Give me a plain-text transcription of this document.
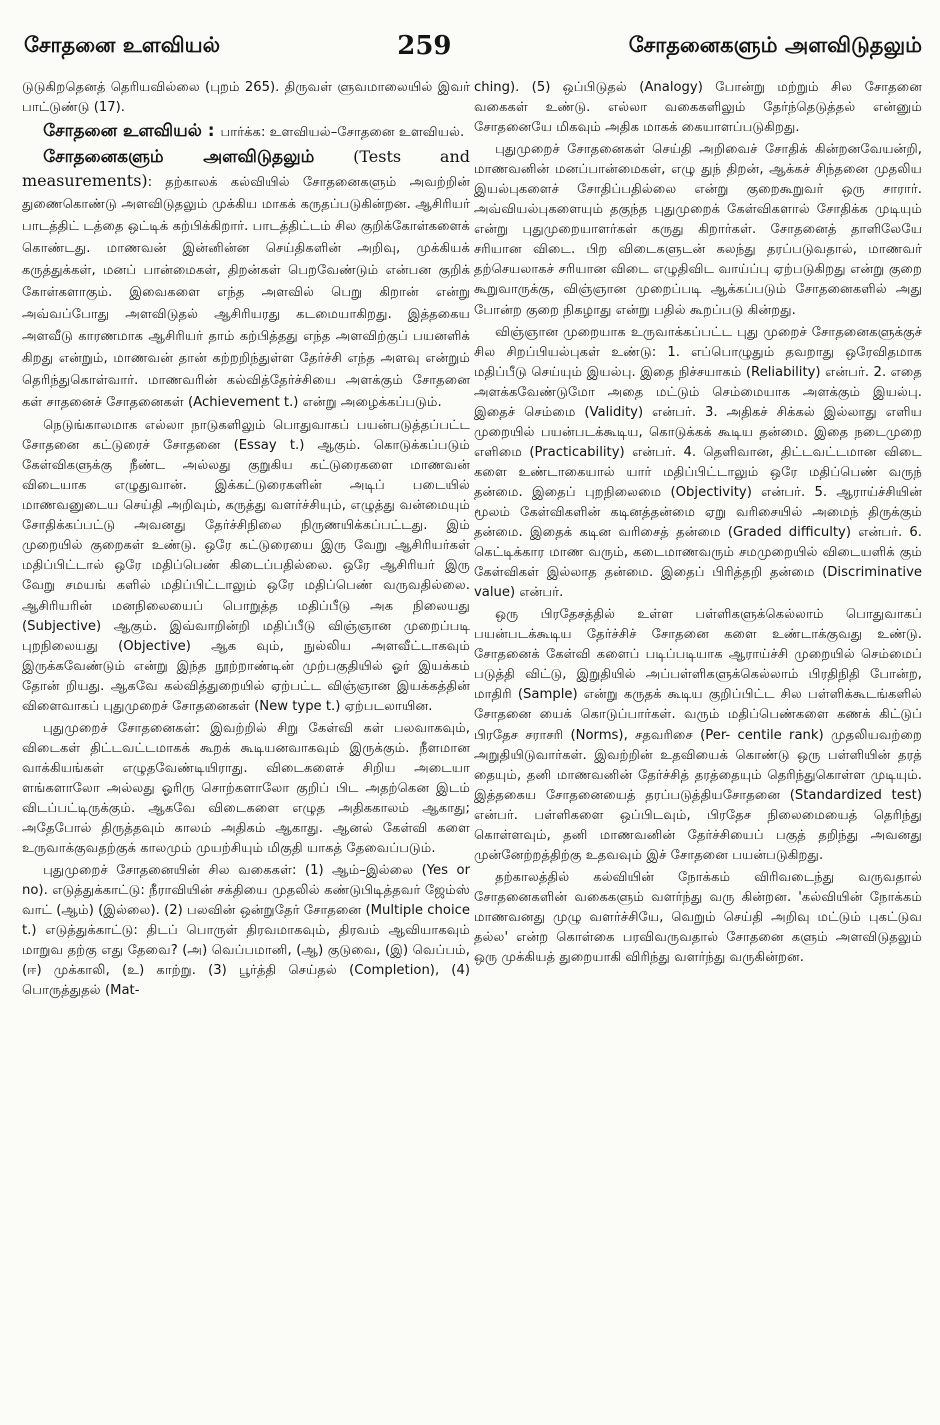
சோதனை உளவியல்	259	சோதனைகளும் அளவிடுதலும்

டுடுகிறதெனத் தெரியவில்லை (புறம் 265). திருவள் ளுவமாலையில் இவர் பாட்டுண்டு (17).

சோதனை உளவியல் : பார்க்க: உளவியல்–சோதனை உளவியல்.

சோதனைகளும் அளவிடுதலும் (Tests and measurements): தற்காலக் கல்வியில் சோதனைகளும் அவற்றின் துணைகொண்டு அளவிடுதலும் முக்கிய மாகக் கருதப்படுகின்றன. ஆசிரியர் பாடத்திட் டத்தை ஒட்டிக் கற்பிக்கிறார். பாடத்திட்டம் சில குறிக்கோள்களைக் கொண்டது. மாணவன் இன்னின்ன செய்திகளின் அறிவு, முக்கியக் கருத்துக்கள், மனப் பான்மைகள், திறன்கள் பெறவேண்டும் என்பன குறிக் கோள்களாகும். இவைகளை எந்த அளவில் பெறு கிறான் என்று அவ்வப்போது அளவிடுதல் ஆசிரியரது கடமையாகிறது. இத்தகைய அளவீடு காரணமாக ஆசிரியர் தாம் கற்பித்தது எந்த அளவிற்குப் பயனளிக் கிறது என்றும், மாணவன் தான் கற்றறிந்துள்ள தேர்ச்சி எந்த அளவு என்றும் தெரிந்துகொள்வார். மாணவரின் கல்வித்தேர்ச்சியை அளக்கும் சோதனை கள் சாதனைச் சோதனைகள் (Achievement t.) என்று அழைக்கப்படும்.

நெடுங்காலமாக எல்லா நாடுகளிலும் பொதுவாகப் பயன்படுத்தப்பட்ட சோதனை கட்டுரைச் சோதனை (Essay t.) ஆகும். கொடுக்கப்படும் கேள்விகளுக்கு நீண்ட அல்லது குறுகிய கட்டுரைகளை மாணவன் விடையாக எழுதுவான். இக்கட்டுரைகளின் அடிப் படையில் மாணவனுடைய செய்தி அறிவும், கருத்து வளர்ச்சியும், எழுத்து வன்மையும் சோதிக்கப்பட்டு அவனது தேர்ச்சிநிலை நிருணயிக்கப்பட்டது. இம் முறையில் குறைகள் உண்டு. ஒரே கட்டுரையை இரு வேறு ஆசிரியர்கள் மதிப்பிட்டால் ஒரே மதிப்பெண் கிடைப்பதில்லை. ஒரே ஆசிரியர் இரு வேறு சமயங் களில் மதிப்பிட்டாலும் ஒரே மதிப்பெண் வருவதில்லை. ஆசிரியரின் மனநிலையைப் பொறுத்த மதிப்பீடு அக நிலையது (Subjective) ஆகும். இவ்வாறின்றி மதிப்பீடு விஞ்ஞான முறைப்படி புறநிலையது (Objective) ஆக வும், நுல்லிய அளவீட்டாகவும் இருக்கவேண்டும் என்று இந்த நூற்றாண்டின் முற்பகுதியில் ஓர் இயக்கம் தோன் றியது. ஆகவே கல்வித்துறையில் ஏற்பட்ட விஞ்ஞான இயக்கத்தின் விளைவாகப் புதுமுறைச் சோதனைகள் (New type t.) ஏற்படலாயின.

புதுமுறைச் சோதனைகள்: இவற்றில் சிறு கேள்வி கள் பலவாகவும், விடைகள் திட்டவட்டமாகக் கூறக் கூடியனவாகவும் இருக்கும். நீளமான வாக்கியங்கள் எழுதவேண்டியிராது. விடைகளைச் சிறிய அடையா ளங்களாலோ அல்லது ஓரிரு சொற்களாலோ குறிப் பிட அதற்கென இடம் விடப்பட்டிருக்கும். ஆகவே விடைகளை எழுத அதிககாலம் ஆகாது; அதேபோல் திருத்தவும் காலம் அதிகம் ஆகாது. ஆனல் கேள்வி களை உருவாக்குவதற்குக் காலமும் முயற்சியும் மிகுதி யாகத் தேவைப்படும்.

புதுமுறைச் சோதனையின் சில வகைகள்: (1) ஆம்–இல்லை (Yes or no). எடுத்துக்காட்டு: நீராவியின் சக்தியை முதலில் கண்டுபிடித்தவர் ஜேம்ஸ் வாட் (ஆம்) (இல்லை). (2) பலவின் ஒன்றுதேர் சோதனை (Multiple choice t.) எடுத்துக்காட்டு: திடப் பொருள் திரவமாகவும், திரவம் ஆவியாகவும் மாறுவ தற்கு எது தேவை? (அ) வெப்பமானி, (ஆ) குடுவை, (இ) வெப்பம், (ஈ) முக்காலி, (உ) காற்று. (3) பூர்த்தி செய்தல் (Completion), (4) பொருத்துதல் (Mat-

ching). (5) ஒப்பிடுதல் (Analogy) போன்று மற்றும் சில சோதனை வகைகள் உண்டு. எல்லா வகைகளிலும் தேர்ந்தெடுத்தல் என்னும் சோதனையே மிகவும் அதிக மாகக் கையாளப்படுகிறது.

புதுமுறைச் சோதனைகள் செய்தி அறிவைச் சோதிக் கின்றனவேயன்றி, மாணவனின் மனப்பான்மைகள், எழு துந் திறன், ஆக்கச் சிந்தனை முதலிய இயல்புகளைச் சோதிப்பதில்லை என்று குறைகூறுவர் ஒரு சாரார். அவ்வியல்புகளையும் தகுந்த புதுமுறைக் கேள்விகளால் சோதிக்க முடியும் என்று புதுமுறையாளர்கள் கருது கிறார்கள். சோதனைத் தாளிலேயே சரியான விடை. பிற விடைகளுடன் கலந்து தரப்படுவதால், மாணவர் தற்செயலாகச் சரியான விடை எழுதிவிட வாய்ப்பு ஏற்படுகிறது என்று குறை கூறுவாருக்கு, விஞ்ஞான முறைப்படி ஆக்கப்படும் சோதனைகளில் அது போன்ற குறை நிகழாது என்று பதில் கூறப்படு கின்றது.

விஞ்ஞான முறையாக உருவாக்கப்பட்ட புது முறைச் சோதனைகளுக்குச் சில சிறப்பியல்புகள் உண்டு: 1. எப்பொழுதும் தவறாது ஒரேவிதமாக மதிப்பீடு செய்யும் இயல்பு. இதை நிச்சயாகம் (Reliability) என்பர். 2. எதை அளக்கவேண்டுமோ அதை மட்டும் செம்மையாக அளக்கும் இயல்பு. இதைச் செம்மை (Validity) என்பர். 3. அதிகச் சிக்கல் இல்லாது எளிய முறையில் பயன்படக்கூடிய, கொடுக்கக் கூடிய தன்மை. இதை நடைமுறை எளிமை (Practicability) என்பர். 4. தெளிவான, திட்டவட்டமான விடை களை உண்டாகையால் யார் மதிப்பிட்டாலும் ஒரே மதிப்பெண் வருந் தன்மை. இதைப் புறநிலைமை (Objectivity) என்பர். 5. ஆராய்ச்சியின் மூலம் கேள்விகளின் கடினத்தன்மை ஏறு வரிசையில் அமைந் திருக்கும் தன்மை. இதைக் கடின வரிசைத் தன்மை (Graded difficulty) என்பர். 6. கெட்டிக்கார மாண வரும், கடைமாணவரும் சமமுறையில் விடையளிக் கும் கேள்விகள் இல்லாத தன்மை. இதைப் பிரித்தறி தன்மை (Discriminative value) என்பர்.

ஒரு பிரதேசத்தில் உள்ள பள்ளிகளுக்கெல்லாம் பொதுவாகப் பயன்படக்கூடிய தேர்ச்சிச் சோதனை களை உண்டாக்குவது உண்டு. சோதனைக் கேள்வி களைப் படிப்படியாக ஆராய்ச்சி முறையில் செம்மைப் படுத்தி விட்டு, இறுதியில் அப்பள்ளிகளுக்கெல்லாம் பிரதிநிதி போன்ற, மாதிரி (Sample) என்று கருதக் கூடிய குறிப்பிட்ட சில பள்ளிக்கூடங்களில் சோதனை யைக் கொடுப்பார்கள். வரும் மதிப்பெண்களை கணக் கிட்டுப் பிரதேச சராசரி (Norms), சதவரிசை (Per- centile rank) முதலியவற்றை அறுதியிடுவார்கள். இவற்றின் உதவியைக் கொண்டு ஒரு பள்ளியின் தரத் தையும், தனி மாணவனின் தேர்ச்சித் தரத்தையும் தெரிந்துகொள்ள முடியும். இத்தகைய சோதனையைத் தரப்படுத்தியசோதனை (Standardized test) என்பர். பள்ளிகளை ஒப்பிடவும், பிரதேச நிலைமையைத் தெரிந்து கொள்ளவும், தனி மாணவனின் தேர்ச்சியைப் பகுத் தறிந்து அவனது முன்னேற்றத்திற்கு உதவவும் இச் சோதனை பயன்படுகிறது.

தற்காலத்தில் கல்வியின் நோக்கம் விரிவடைந்து வருவதால் சோதனைகளின் வகைகளும் வளர்ந்து வரு கின்றன. 'கல்வியின் நோக்கம் மாணவனது முழு வளர்ச்சியே, வெறும் செய்தி அறிவு மட்டும் புகட்டுவ தல்ல' என்ற கொள்கை பரவிவருவதால் சோதனை களும் அளவிடுதலும் ஒரு முக்கியத் துறையாகி விரிந்து வளர்ந்து வருகின்றன.
